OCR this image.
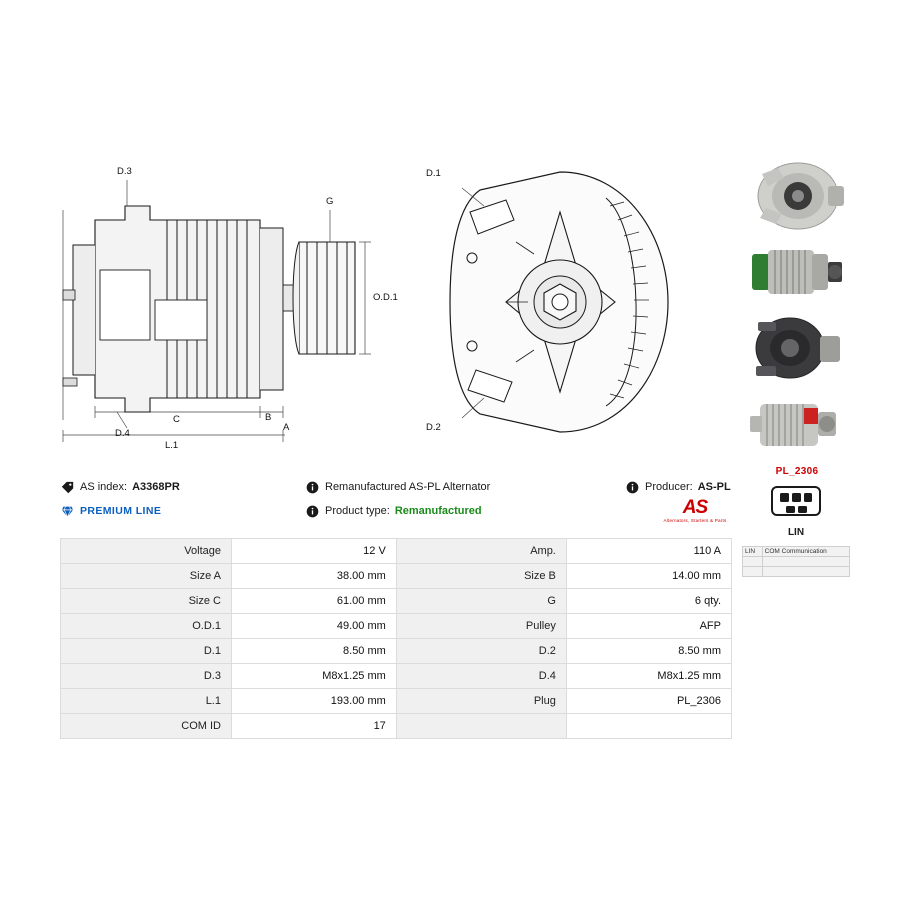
D.3
G
O.D.1
D.4
C	B
A
L.1
D.1
D.2
PL_2306
LIN
LIN	COM Communication

AS index: A3368PR	Remanufactured AS-PL Alternator	Producer: AS-PL
PREMIUM LINE	Product type: Remanufactured	AS
Alternators, Starters & Parts
Voltage	12 V	Amp.	110 A
Size A	38.00 mm	Size B	14.00 mm
Size C	61.00 mm	G	6 qty.
O.D.1	49.00 mm	Pulley	AFP
D.1	8.50 mm	D.2	8.50 mm
D.3	M8x1.25 mm	D.4	M8x1.25 mm
L.1	193.00 mm	Plug	PL_2306
COM ID	17		
